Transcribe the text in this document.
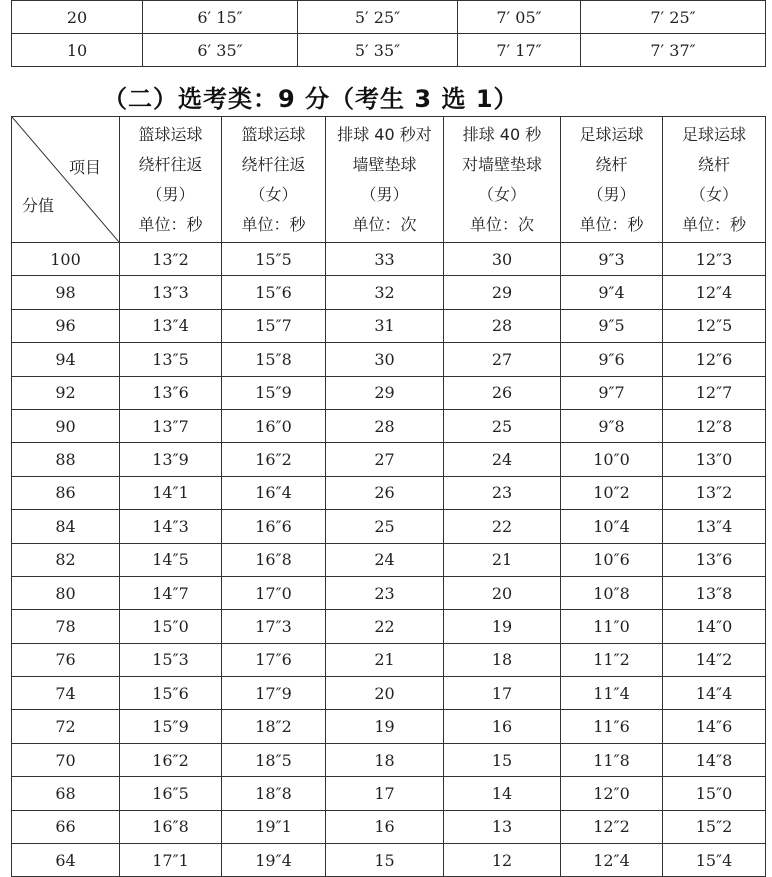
20	6′ 15″	5′ 25″	7′ 05″	7′ 25″
10	6′ 35″	5′ 35″	7′ 17″	7′ 37″
（二）选考类：9 分（考生 3 选 1）
项目
分值	篮球运球
绕杆往返
（男）
单位：秒	篮球运球
绕杆往返
（女）
单位：秒	排球 40 秒对
墙壁垫球
（男）
单位：次	排球 40 秒
对墙壁垫球
（女）
单位：次	足球运球
绕杆
（男）
单位：秒	足球运球
绕杆
（女）
单位：秒

100	13″2	15″5	33	30	9″3	12″3
98	13″3	15″6	32	29	9″4	12″4
96	13″4	15″7	31	28	9″5	12″5
94	13″5	15″8	30	27	9″6	12″6
92	13″6	15″9	29	26	9″7	12″7
90	13″7	16″0	28	25	9″8	12″8
88	13″9	16″2	27	24	10″0	13″0
86	14″1	16″4	26	23	10″2	13″2
84	14″3	16″6	25	22	10″4	13″4
82	14″5	16″8	24	21	10″6	13″6
80	14″7	17″0	23	20	10″8	13″8
78	15″0	17″3	22	19	11″0	14″0
76	15″3	17″6	21	18	11″2	14″2
74	15″6	17″9	20	17	11″4	14″4
72	15″9	18″2	19	16	11″6	14″6
70	16″2	18″5	18	15	11″8	14″8
68	16″5	18″8	17	14	12″0	15″0
66	16″8	19″1	16	13	12″2	15″2
64	17″1	19″4	15	12	12″4	15″4
